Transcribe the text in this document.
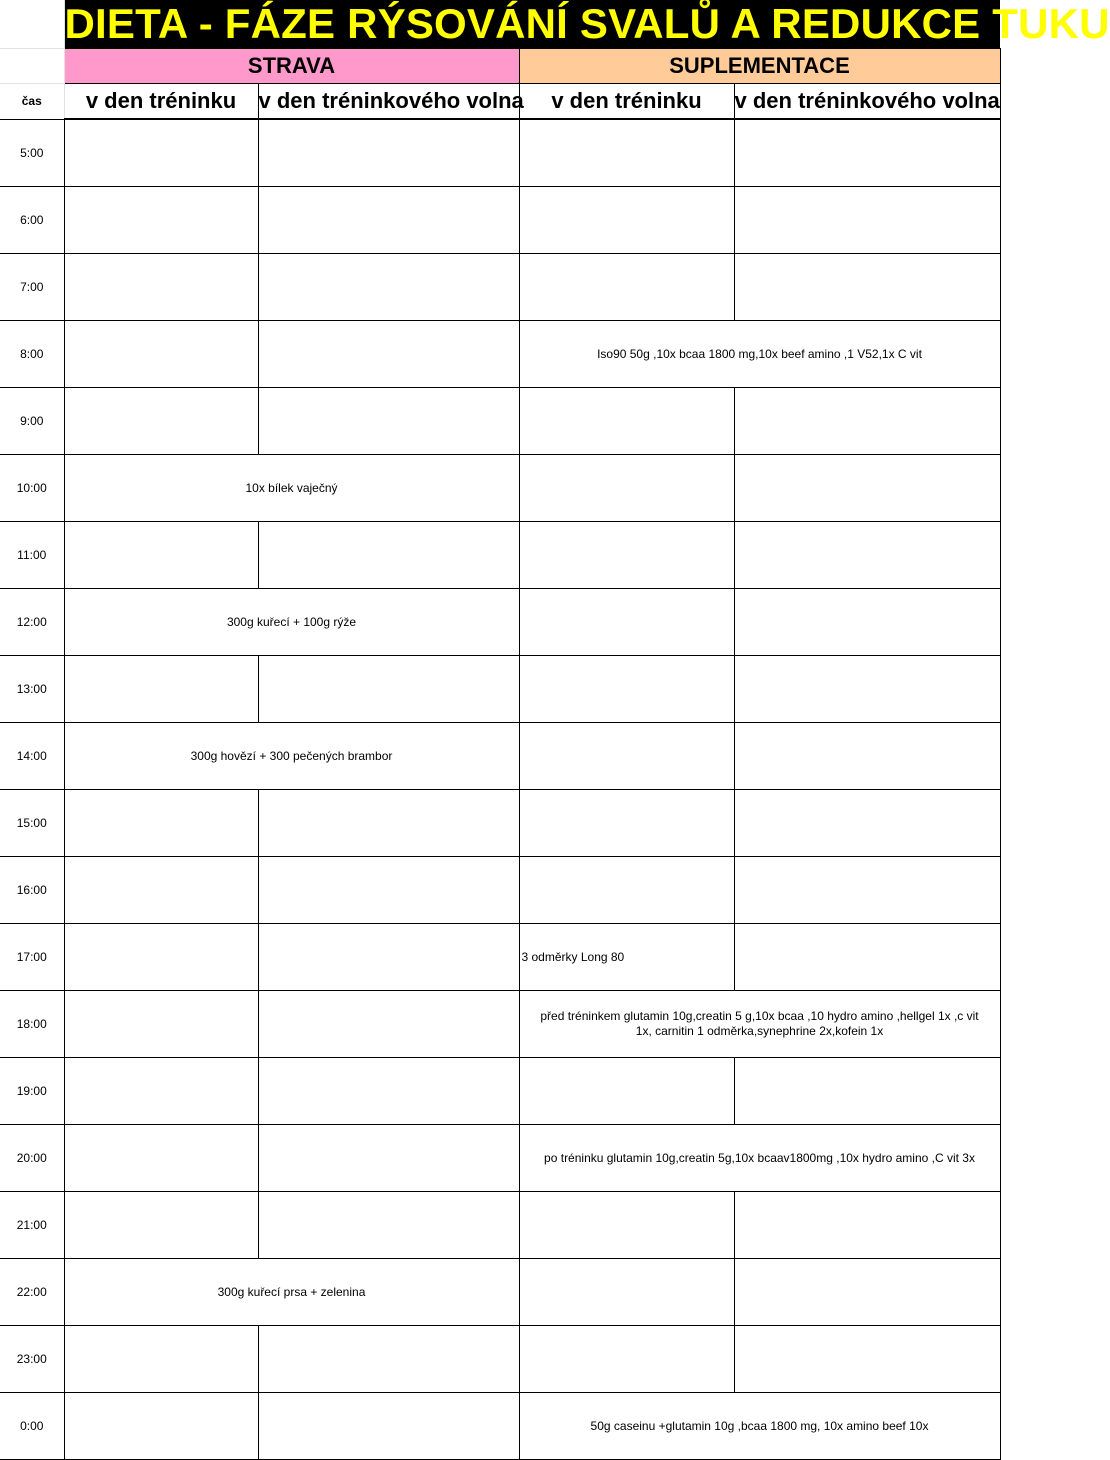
	DIETA - FÁZE RÝSOVÁNÍ SVALŮ A REDUKCE TUKU			
	STRAVA		SUPLEMENTACE	
čas	v den tréninku	v den tréninkového volna	v den tréninku	v den tréninkového volna
5:00				
6:00				
7:00				
8:00			Iso90 50g ,10x bcaa 1800 mg,10x beef amino ,1 V52,1x C vit	
9:00				
10:00	10x bílek vaječný			
11:00				
12:00	300g kuřecí + 100g rýže			
13:00				
14:00	300g hovězí + 300 pečených brambor			
15:00				
16:00				
17:00			3 odměrky Long 80	
18:00			před tréninkem glutamin 10g,creatin 5 g,10x bcaa ,10 hydro amino ,hellgel 1x ,c vit 1x, carnitin 1 odměrka,synephrine 2x,kofein 1x	
19:00				
20:00			po tréninku glutamin 10g,creatin 5g,10x bcaav1800mg ,10x hydro amino ,C vit 3x	
21:00				
22:00	300g kuřecí prsa + zelenina			
23:00				
0:00			50g caseinu +glutamin 10g ,bcaa 1800 mg, 10x amino beef 10x	
